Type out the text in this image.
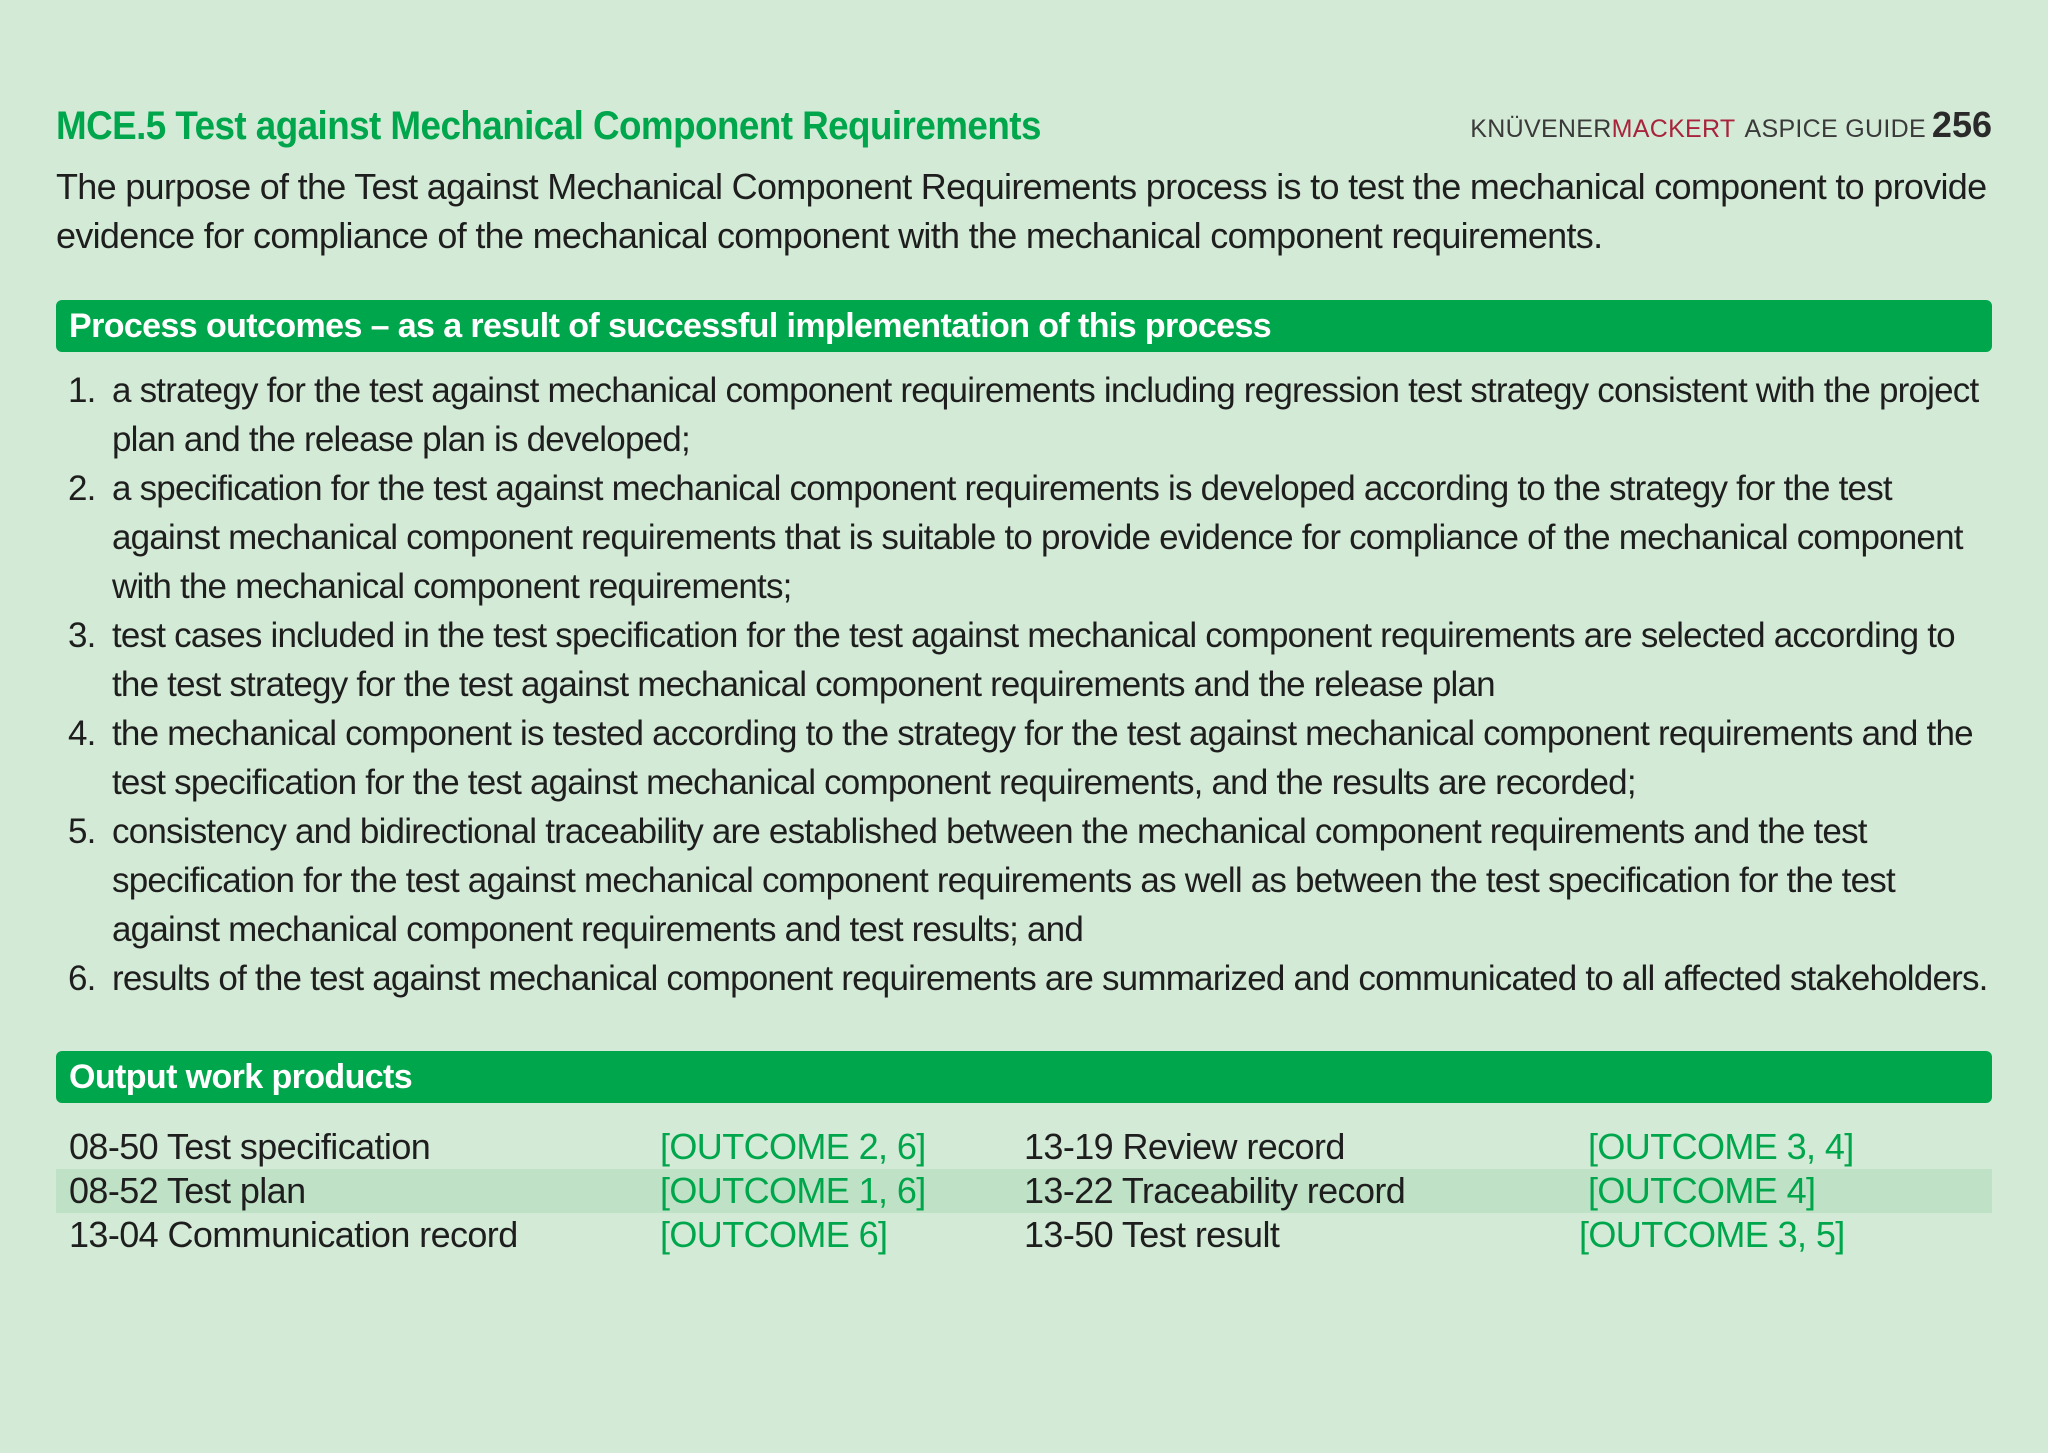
MCE.5 Test against Mechanical Component Requirements	KNÜVENER MACKERT ASPICE GUIDE 256
The purpose of the Test against Mechanical Component Requirements process is to test the mechanical component to provide evidence for compliance of the mechanical component with the mechanical component requirements.
Process outcomes – as a result of successful implementation of this process
1. a strategy for the test against mechanical component requirements including regression test strategy consistent with the project plan and the release plan is developed;
2. a specification for the test against mechanical component requirements is developed according to the strategy for the test against mechanical component requirements that is suitable to provide evidence for compliance of the mechanical component with the mechanical component requirements;
3. test cases included in the test specification for the test against mechanical component requirements are selected according to the test strategy for the test against mechanical component requirements and the release plan
4. the mechanical component is tested according to the strategy for the test against mechanical component requirements and the test specification for the test against mechanical component requirements, and the results are recorded;
5. consistency and bidirectional traceability are established between the mechanical component requirements and the test specification for the test against mechanical component requirements as well as between the test specification for the test against mechanical component requirements and test results; and
6. results of the test against mechanical component requirements are summarized and communicated to all affected stakeholders.
Output work products
08-50 Test specification	[OUTCOME 2, 6]	13-19 Review record	[OUTCOME 3, 4]
08-52 Test plan	[OUTCOME 1, 6]	13-22 Traceability record	[OUTCOME 4]
13-04 Communication record	[OUTCOME 6]	13-50 Test result	[OUTCOME 3, 5]
